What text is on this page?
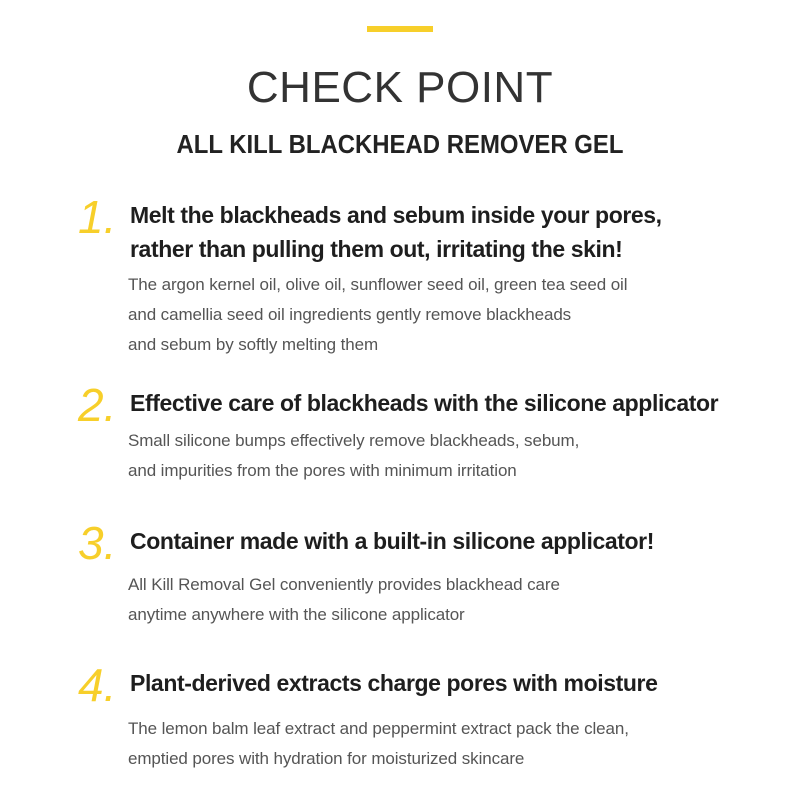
CHECK POINT
ALL KILL BLACKHEAD REMOVER GEL
1. Melt the blackheads and sebum inside your pores,
rather than pulling them out, irritating the skin!

The argon kernel oil, olive oil, sunflower seed oil, green tea seed oil
and camellia seed oil ingredients gently remove blackheads
and sebum by softly melting them

2. Effective care of blackheads with the silicone applicator

Small silicone bumps effectively remove blackheads, sebum,
and impurities from the pores with minimum irritation

3. Container made with a built-in silicone applicator!

All Kill Removal Gel conveniently provides blackhead care
anytime anywhere with the silicone applicator

4. Plant-derived extracts charge pores with moisture

The lemon balm leaf extract and peppermint extract pack the clean,
emptied pores with hydration for moisturized skincare
